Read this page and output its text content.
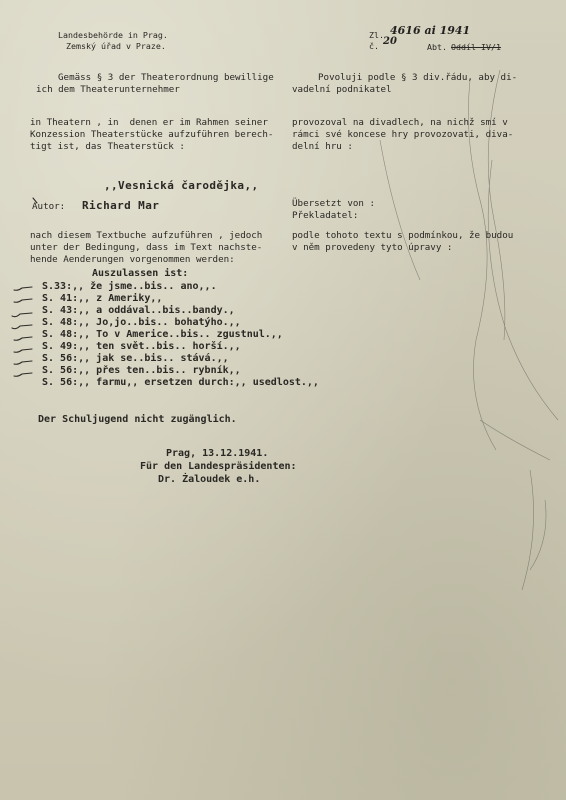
Landesbehörde in Prag.
Zemský úřad v Praze.
Zl. 4616 ai 1941
č. 20	Abt. Oddíl IV/1
Gemäss § 3 der Theaterordnung bewillige
ich dem Theaterunternehmer
in Theatern , in  denen er im Rahmen seiner
Konzession Theaterstücke aufzuführen berech-
tigt ist, das Theaterstück :
Povoluji podle § 3 div.řádu, aby di-
vadelní podnikatel
provozoval na divadlech, na nichž smí v
rámci své koncese hry provozovati, diva-
delní hru :
,,Vesnická čarodějka,,
Autor: Richard Mar	Übersetzt von :
Překladatel:
nach diesem Textbuche aufzuführen , jedoch
unter der Bedingung, dass im Text nachste-
hende Aenderungen vorgenommen werden:
podle tohoto textu s podmínkou, že budou
v něm provedeny tyto úpravy :
Auszulassen ist:
S.33:,, že jsme..bis.. ano,,.
S. 41:,, z Ameriky,,
S. 43:,, a oddával..bis..bandy.,
S. 48:,, Jo,jo..bis.. bohatýho.,,
S. 48:,, To v Americe..bis.. zgustnul.,,
S. 49:,, ten svět..bis.. horší.,,
S. 56:,, jak se..bis.. stává.,,
S. 56:,, přes ten..bis.. rybník,,
S. 56:,, farmu,, ersetzen durch:,, usedlost.,,
Der Schuljugend nicht zugänglich.
Prag, 13.12.1941.
Für den Landespräsidenten:
Dr. Żaloudek e.h.
